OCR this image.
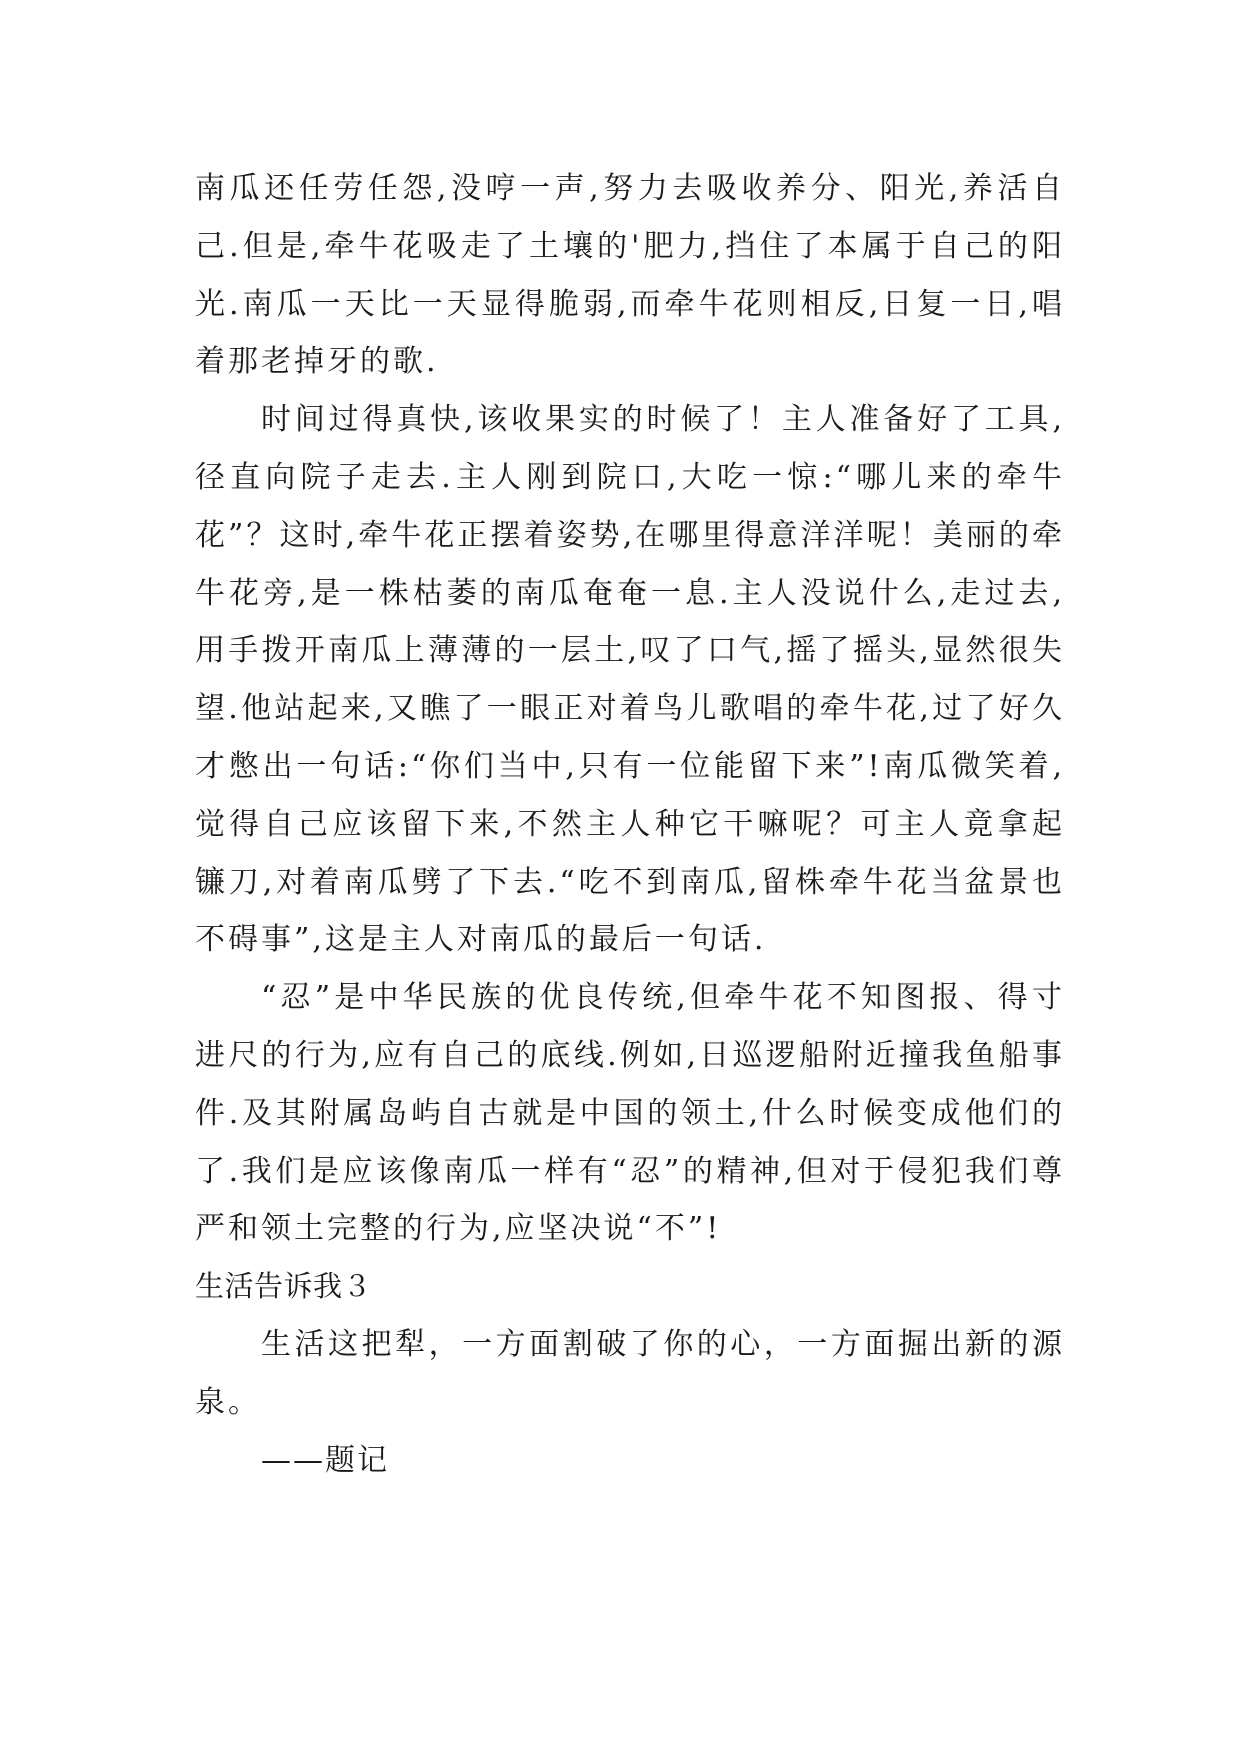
南瓜还任劳任怨,没哼一声,努力去吸收养分、阳光,养活自己.但是,牵牛花吸走了土壤的'肥力,挡住了本属于自己的阳光.南瓜一天比一天显得脆弱,而牵牛花则相反,日复一日,唱着那老掉牙的歌.

时间过得真快,该收果实的时候了！主人准备好了工具,径直向院子走去.主人刚到院口,大吃一惊:“哪儿来的牵牛花”？这时,牵牛花正摆着姿势,在哪里得意洋洋呢！美丽的牵牛花旁,是一株枯萎的南瓜奄奄一息.主人没说什么,走过去,用手拨开南瓜上薄薄的一层土,叹了口气,摇了摇头,显然很失望.他站起来,又瞧了一眼正对着鸟儿歌唱的牵牛花,过了好久才憋出一句话:“你们当中,只有一位能留下来”!南瓜微笑着,觉得自己应该留下来,不然主人种它干嘛呢？可主人竟拿起镰刀,对着南瓜劈了下去.“吃不到南瓜,留株牵牛花当盆景也不碍事”,这是主人对南瓜的最后一句话.

“忍”是中华民族的优良传统,但牵牛花不知图报、得寸进尺的行为,应有自己的底线.例如,日巡逻船附近撞我鱼船事件.及其附属岛屿自古就是中国的领土,什么时候变成他们的了.我们是应该像南瓜一样有“忍”的精神,但对于侵犯我们尊严和领土完整的行为,应坚决说“不”!

生活告诉我３

生活这把犁，一方面割破了你的心，一方面掘出新的源泉。

——题记
